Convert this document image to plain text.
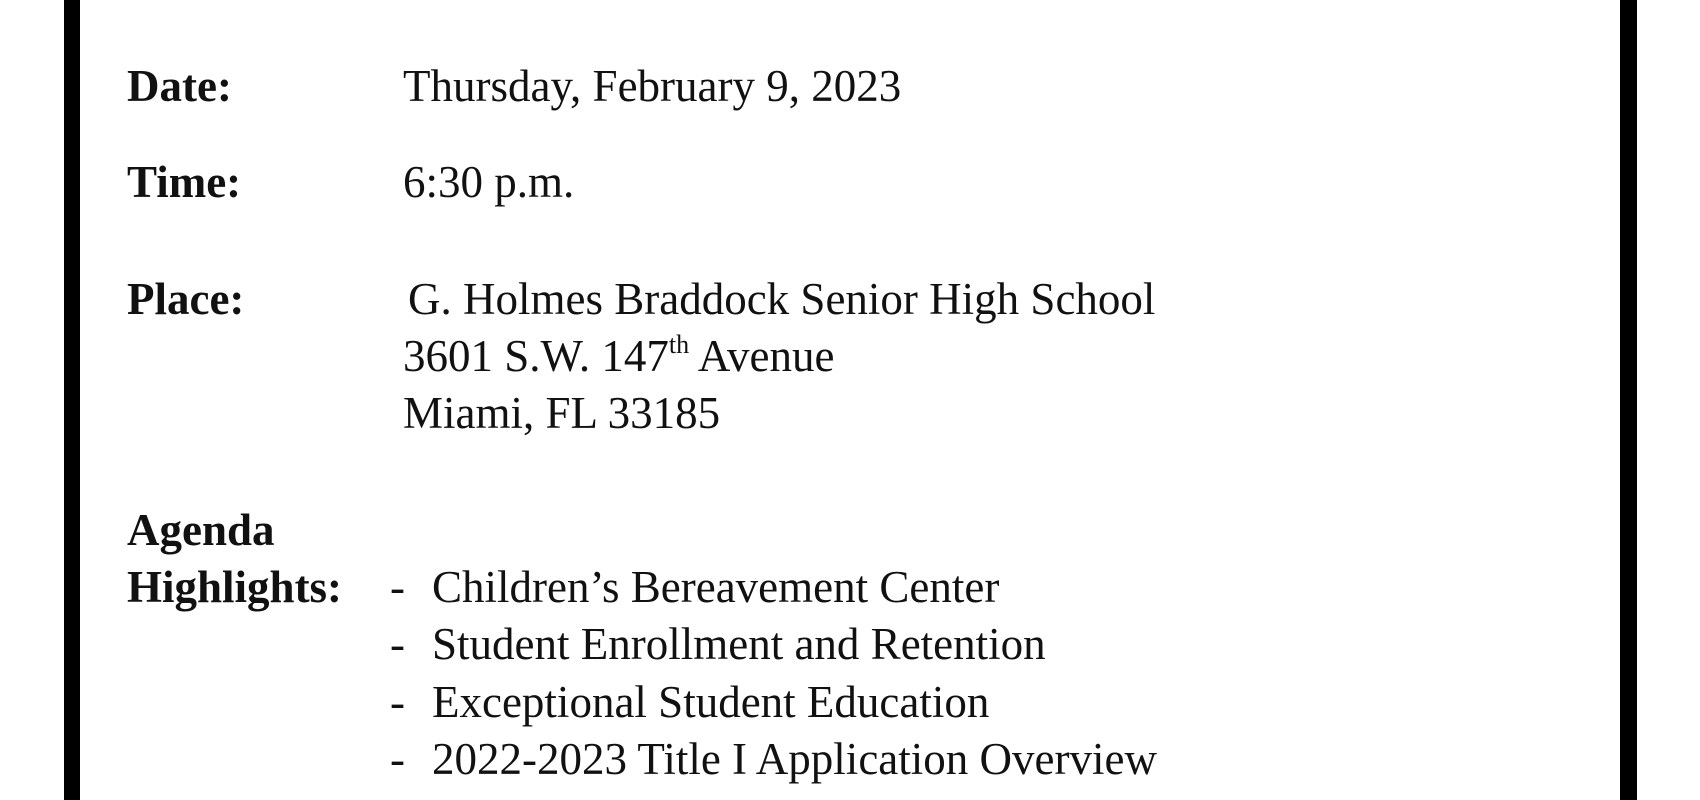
Date:	Thursday, February 9, 2023
Time:	6:30 p.m.
Place:	G. Holmes Braddock Senior High School
3601 S.W. 147th Avenue
Miami, FL 33185
Agenda
Highlights: - Children’s Bereavement Center
- Student Enrollment and Retention
- Exceptional Student Education
- 2022-2023 Title I Application Overview
